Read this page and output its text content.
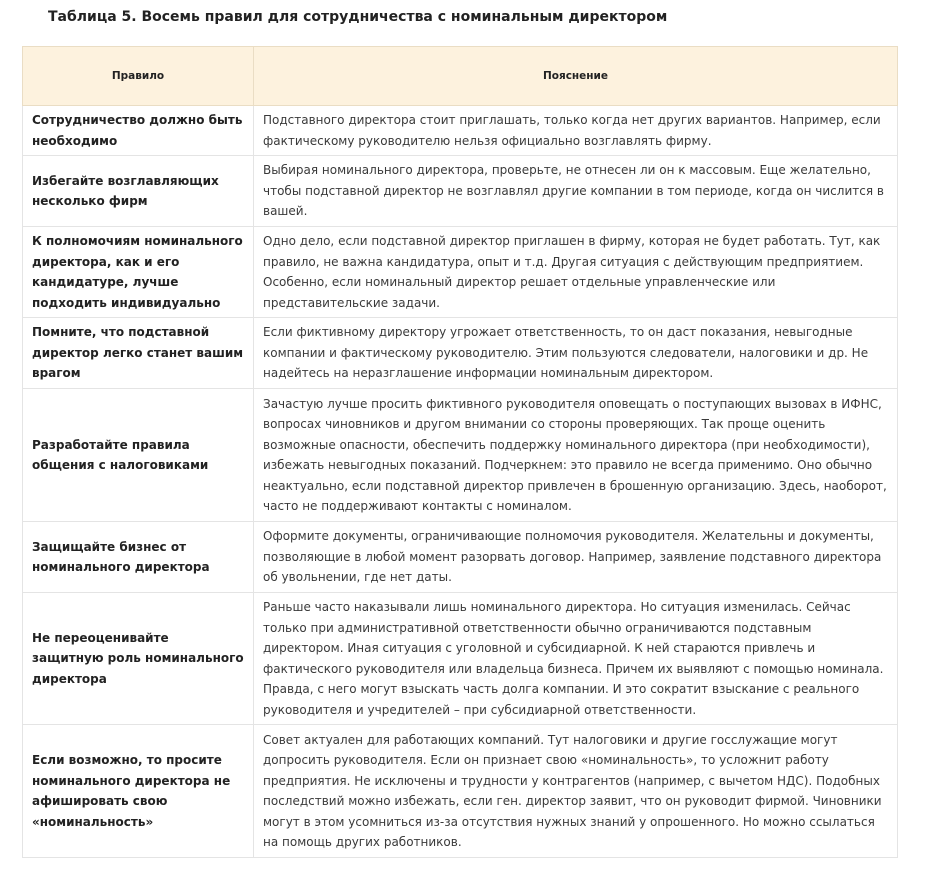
Таблица 5. Восемь правил для сотрудничества с номинальным директором
Правило	Пояснение
Сотрудничество должно быть необходимо	Подставного директора стоит приглашать, только когда нет других вариантов. Например, если фактическому руководителю нельзя официально возглавлять фирму.
Избегайте возглавляющих несколько фирм	Выбирая номинального директора, проверьте, не отнесен ли он к массовым. Еще желательно, чтобы подставной директор не возглавлял другие компании в том периоде, когда он числится в вашей.
К полномочиям номинального директора, как и его кандидатуре, лучше подходить индивидуально	Одно дело, если подставной директор приглашен в фирму, которая не будет работать. Тут, как правило, не важна кандидатура, опыт и т.д. Другая ситуация с действующим предприятием. Особенно, если номинальный директор решает отдельные управленческие или представительские задачи.
Помните, что подставной директор легко станет вашим врагом	Если фиктивному директору угрожает ответственность, то он даст показания, невыгодные компании и фактическому руководителю. Этим пользуются следователи, налоговики и др. Не надейтесь на неразглашение информации номинальным директором.
Разработайте правила общения с налоговиками	Зачастую лучше просить фиктивного руководителя оповещать о поступающих вызовах в ИФНС, вопросах чиновников и другом внимании со стороны проверяющих. Так проще оценить возможные опасности, обеспечить поддержку номинального директора (при необходимости), избежать невыгодных показаний. Подчеркнем: это правило не всегда применимо. Оно обычно неактуально, если подставной директор привлечен в брошенную организацию. Здесь, наоборот, часто не поддерживают контакты с номиналом.
Защищайте бизнес от номинального директора	Оформите документы, ограничивающие полномочия руководителя. Желательны и документы, позволяющие в любой момент разорвать договор. Например, заявление подставного директора об увольнении, где нет даты.
Не переоценивайте защитную роль номинального директора	Раньше часто наказывали лишь номинального директора. Но ситуация изменилась. Сейчас только при административной ответственности обычно ограничиваются подставным директором. Иная ситуация с уголовной и субсидиарной. К ней стараются привлечь и фактического руководителя или владельца бизнеса. Причем их выявляют с помощью номинала. Правда, с него могут взыскать часть долга компании. И это сократит взыскание с реального руководителя и учредителей – при субсидиарной ответственности.
Если возможно, то просите номинального директора не афишировать свою «номинальность»	Совет актуален для работающих компаний. Тут налоговики и другие госслужащие могут допросить руководителя. Если он признает свою «номинальность», то усложнит работу предприятия. Не исключены и трудности у контрагентов (например, с вычетом НДС). Подобных последствий можно избежать, если ген. директор заявит, что он руководит фирмой. Чиновники могут в этом усомниться из-за отсутствия нужных знаний у опрошенного. Но можно ссылаться на помощь других работников.
